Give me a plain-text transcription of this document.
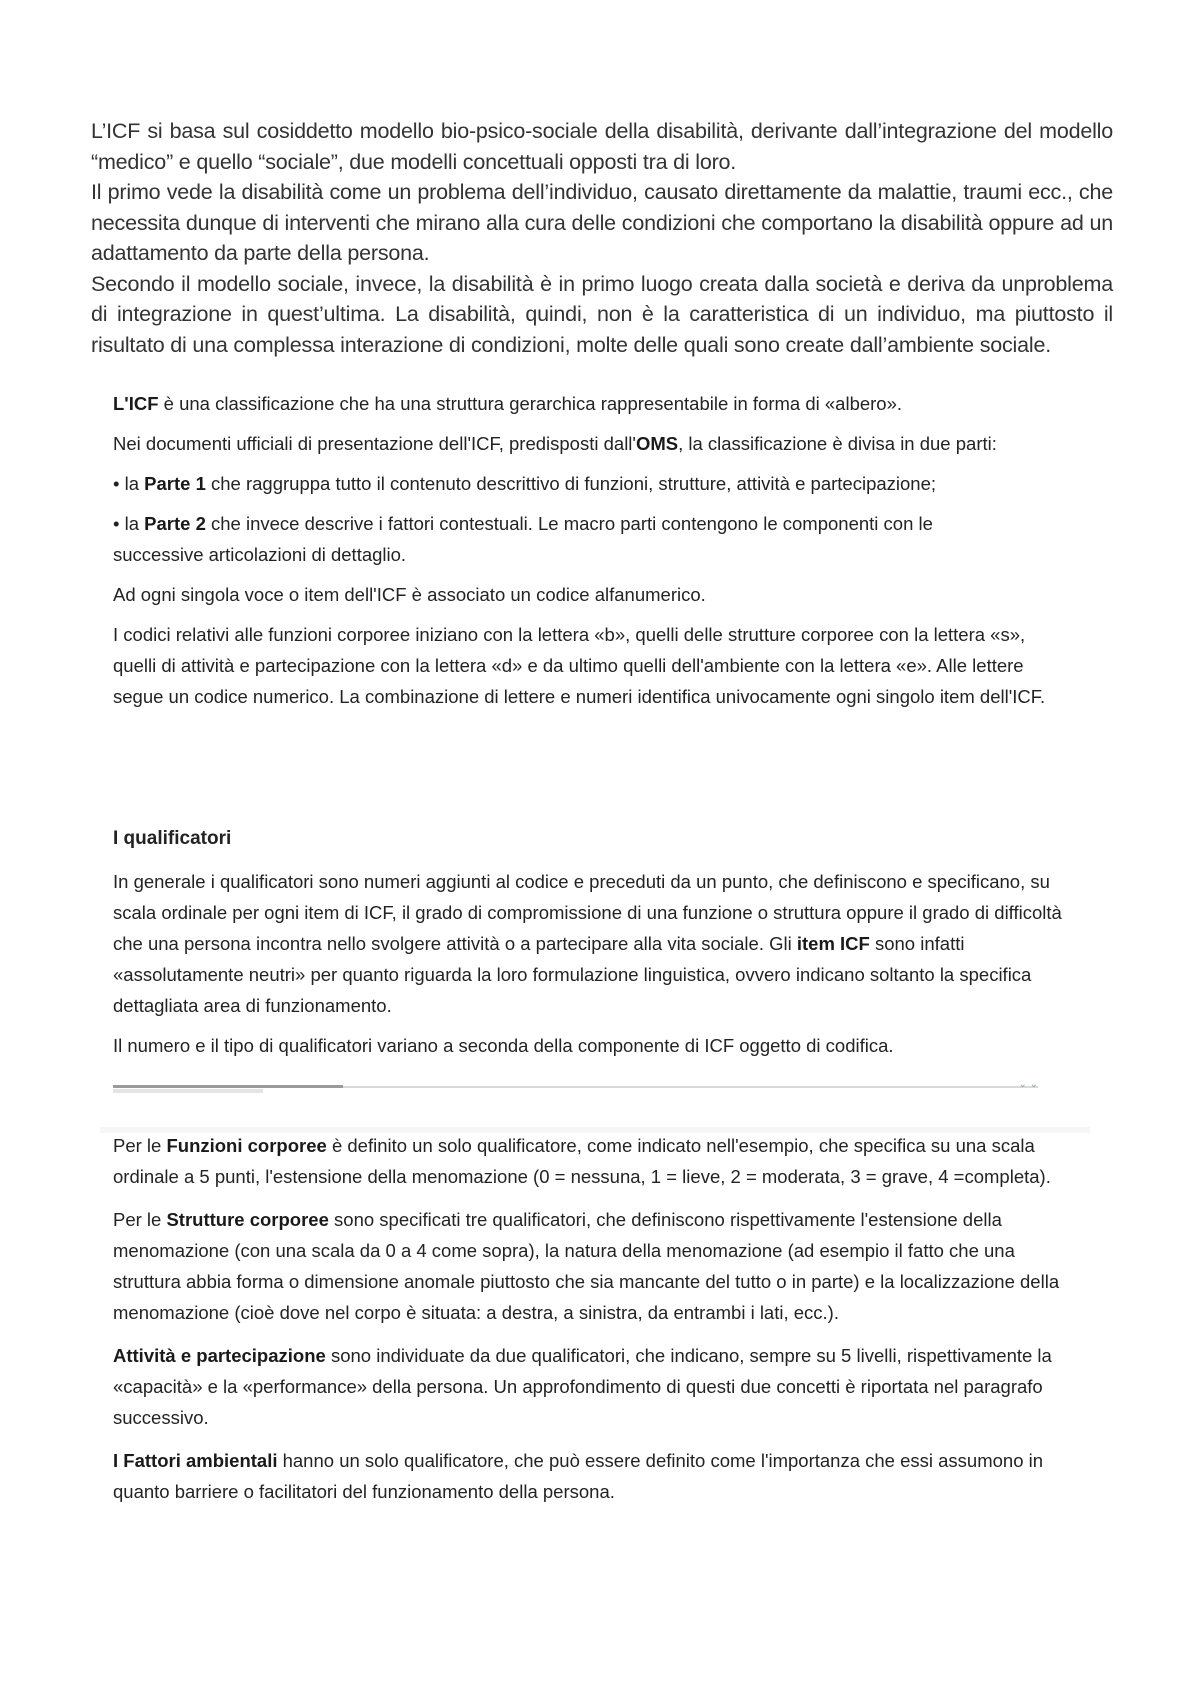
L’ICF si basa sul cosiddetto modello bio-psico-sociale della disabilità, derivante dall’integrazione del modello “medico” e quello “sociale”, due modelli concettuali opposti tra di loro.

Il primo vede la disabilità come un problema dell’individuo, causato direttamente da malattie, traumi ecc., che necessita dunque di interventi che mirano alla cura delle condizioni che comportano la disabilità oppure ad un adattamento da parte della persona.

Secondo il modello sociale, invece, la disabilità è in primo luogo creata dalla società e deriva da unproblema di integrazione in quest’ultima. La disabilità, quindi, non è la caratteristica di un individuo, ma piuttosto il risultato di una complessa interazione di condizioni, molte delle quali sono create dall’ambiente sociale.

L'ICF è una classificazione che ha una struttura gerarchica rappresentabile in forma di «albero».

Nei documenti ufficiali di presentazione dell'ICF, predisposti dall'OMS, la classificazione è divisa in due parti:

• la Parte 1 che raggruppa tutto il contenuto descrittivo di funzioni, strutture, attività e partecipazione;

• la Parte 2 che invece descrive i fattori contestuali. Le macro parti contengono le componenti con le successive articolazioni di dettaglio.

Ad ogni singola voce o item dell'ICF è associato un codice alfanumerico.

I codici relativi alle funzioni corporee iniziano con la lettera «b», quelli delle strutture corporee con la lettera «s», quelli di attività e partecipazione con la lettera «d» e da ultimo quelli dell'ambiente con la lettera «e». Alle lettere segue un codice numerico. La combinazione di lettere e numeri identifica univocamente ogni singolo item dell'ICF.

I qualificatori

In generale i qualificatori sono numeri aggiunti al codice e preceduti da un punto, che definiscono e specificano, su scala ordinale per ogni item di ICF, il grado di compromissione di una funzione o struttura oppure il grado di difficoltà che una persona incontra nello svolgere attività o a partecipare alla vita sociale. Gli item ICF sono infatti «assolutamente neutri» per quanto riguarda la loro formulazione linguistica, ovvero indicano soltanto la specifica dettagliata area di funzionamento.

Il numero e il tipo di qualificatori variano a seconda della componente di ICF oggetto di codifica.

⌄ ⌄

Per le Funzioni corporee è definito un solo qualificatore, come indicato nell'esempio, che specifica su una scala ordinale a 5 punti, l'estensione della menomazione (0 = nessuna, 1 = lieve, 2 = moderata, 3 = grave, 4 =completa).

Per le Strutture corporee sono specificati tre qualificatori, che definiscono rispettivamente l'estensione della menomazione (con una scala da 0 a 4 come sopra), la natura della menomazione (ad esempio il fatto che una struttura abbia forma o dimensione anomale piuttosto che sia mancante del tutto o in parte) e la localizzazione della menomazione (cioè dove nel corpo è situata: a destra, a sinistra, da entrambi i lati, ecc.).

Attività e partecipazione sono individuate da due qualificatori, che indicano, sempre su 5 livelli, rispettivamente la «capacità» e la «performance» della persona. Un approfondimento di questi due concetti è riportata nel paragrafo successivo.

I Fattori ambientali hanno un solo qualificatore, che può essere definito come l'importanza che essi assumono in quanto barriere o facilitatori del funzionamento della persona.
